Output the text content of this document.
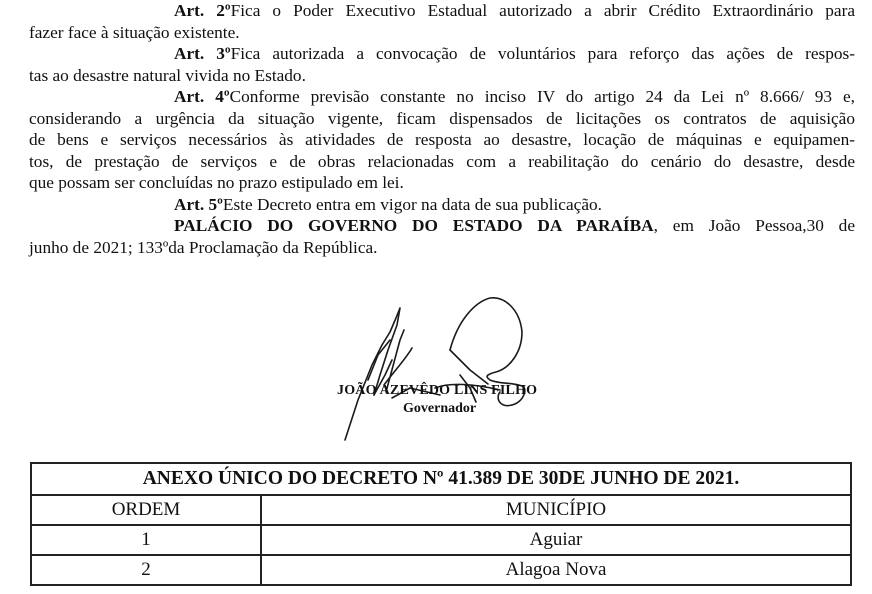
Art. 2ºFica o Poder Executivo Estadual autorizado a abrir Crédito Extraordinário para
fazer face à situação existente.
Art. 3ºFica autorizada a convocação de voluntários para reforço das ações de respos-
tas ao desastre natural vivida no Estado.
Art. 4ºConforme previsão constante no inciso IV do artigo 24 da Lei nº 8.666/ 93 e,
considerando a urgência da situação vigente, ficam dispensados de licitações os contratos de aquisição
de bens e serviços necessários às atividades de resposta ao desastre, locação de máquinas e equipamen-
tos, de prestação de serviços e de obras relacionadas com a reabilitação do cenário do desastre, desde
que possam ser concluídas no prazo estipulado em lei.
Art. 5ºEste Decreto entra em vigor na data de sua publicação.
PALÁCIO DO GOVERNO DO ESTADO DA PARAÍBA, em João Pessoa,30 de
junho de 2021; 133ºda Proclamação da República.
JOÃO AZEVÊDO LINS FILHO
Governador
ANEXO ÚNICO DO DECRETO Nº 41.389 DE 30DE JUNHO DE 2021.	
ORDEM	MUNICÍPIO
1	Aguiar
2	Alagoa Nova
